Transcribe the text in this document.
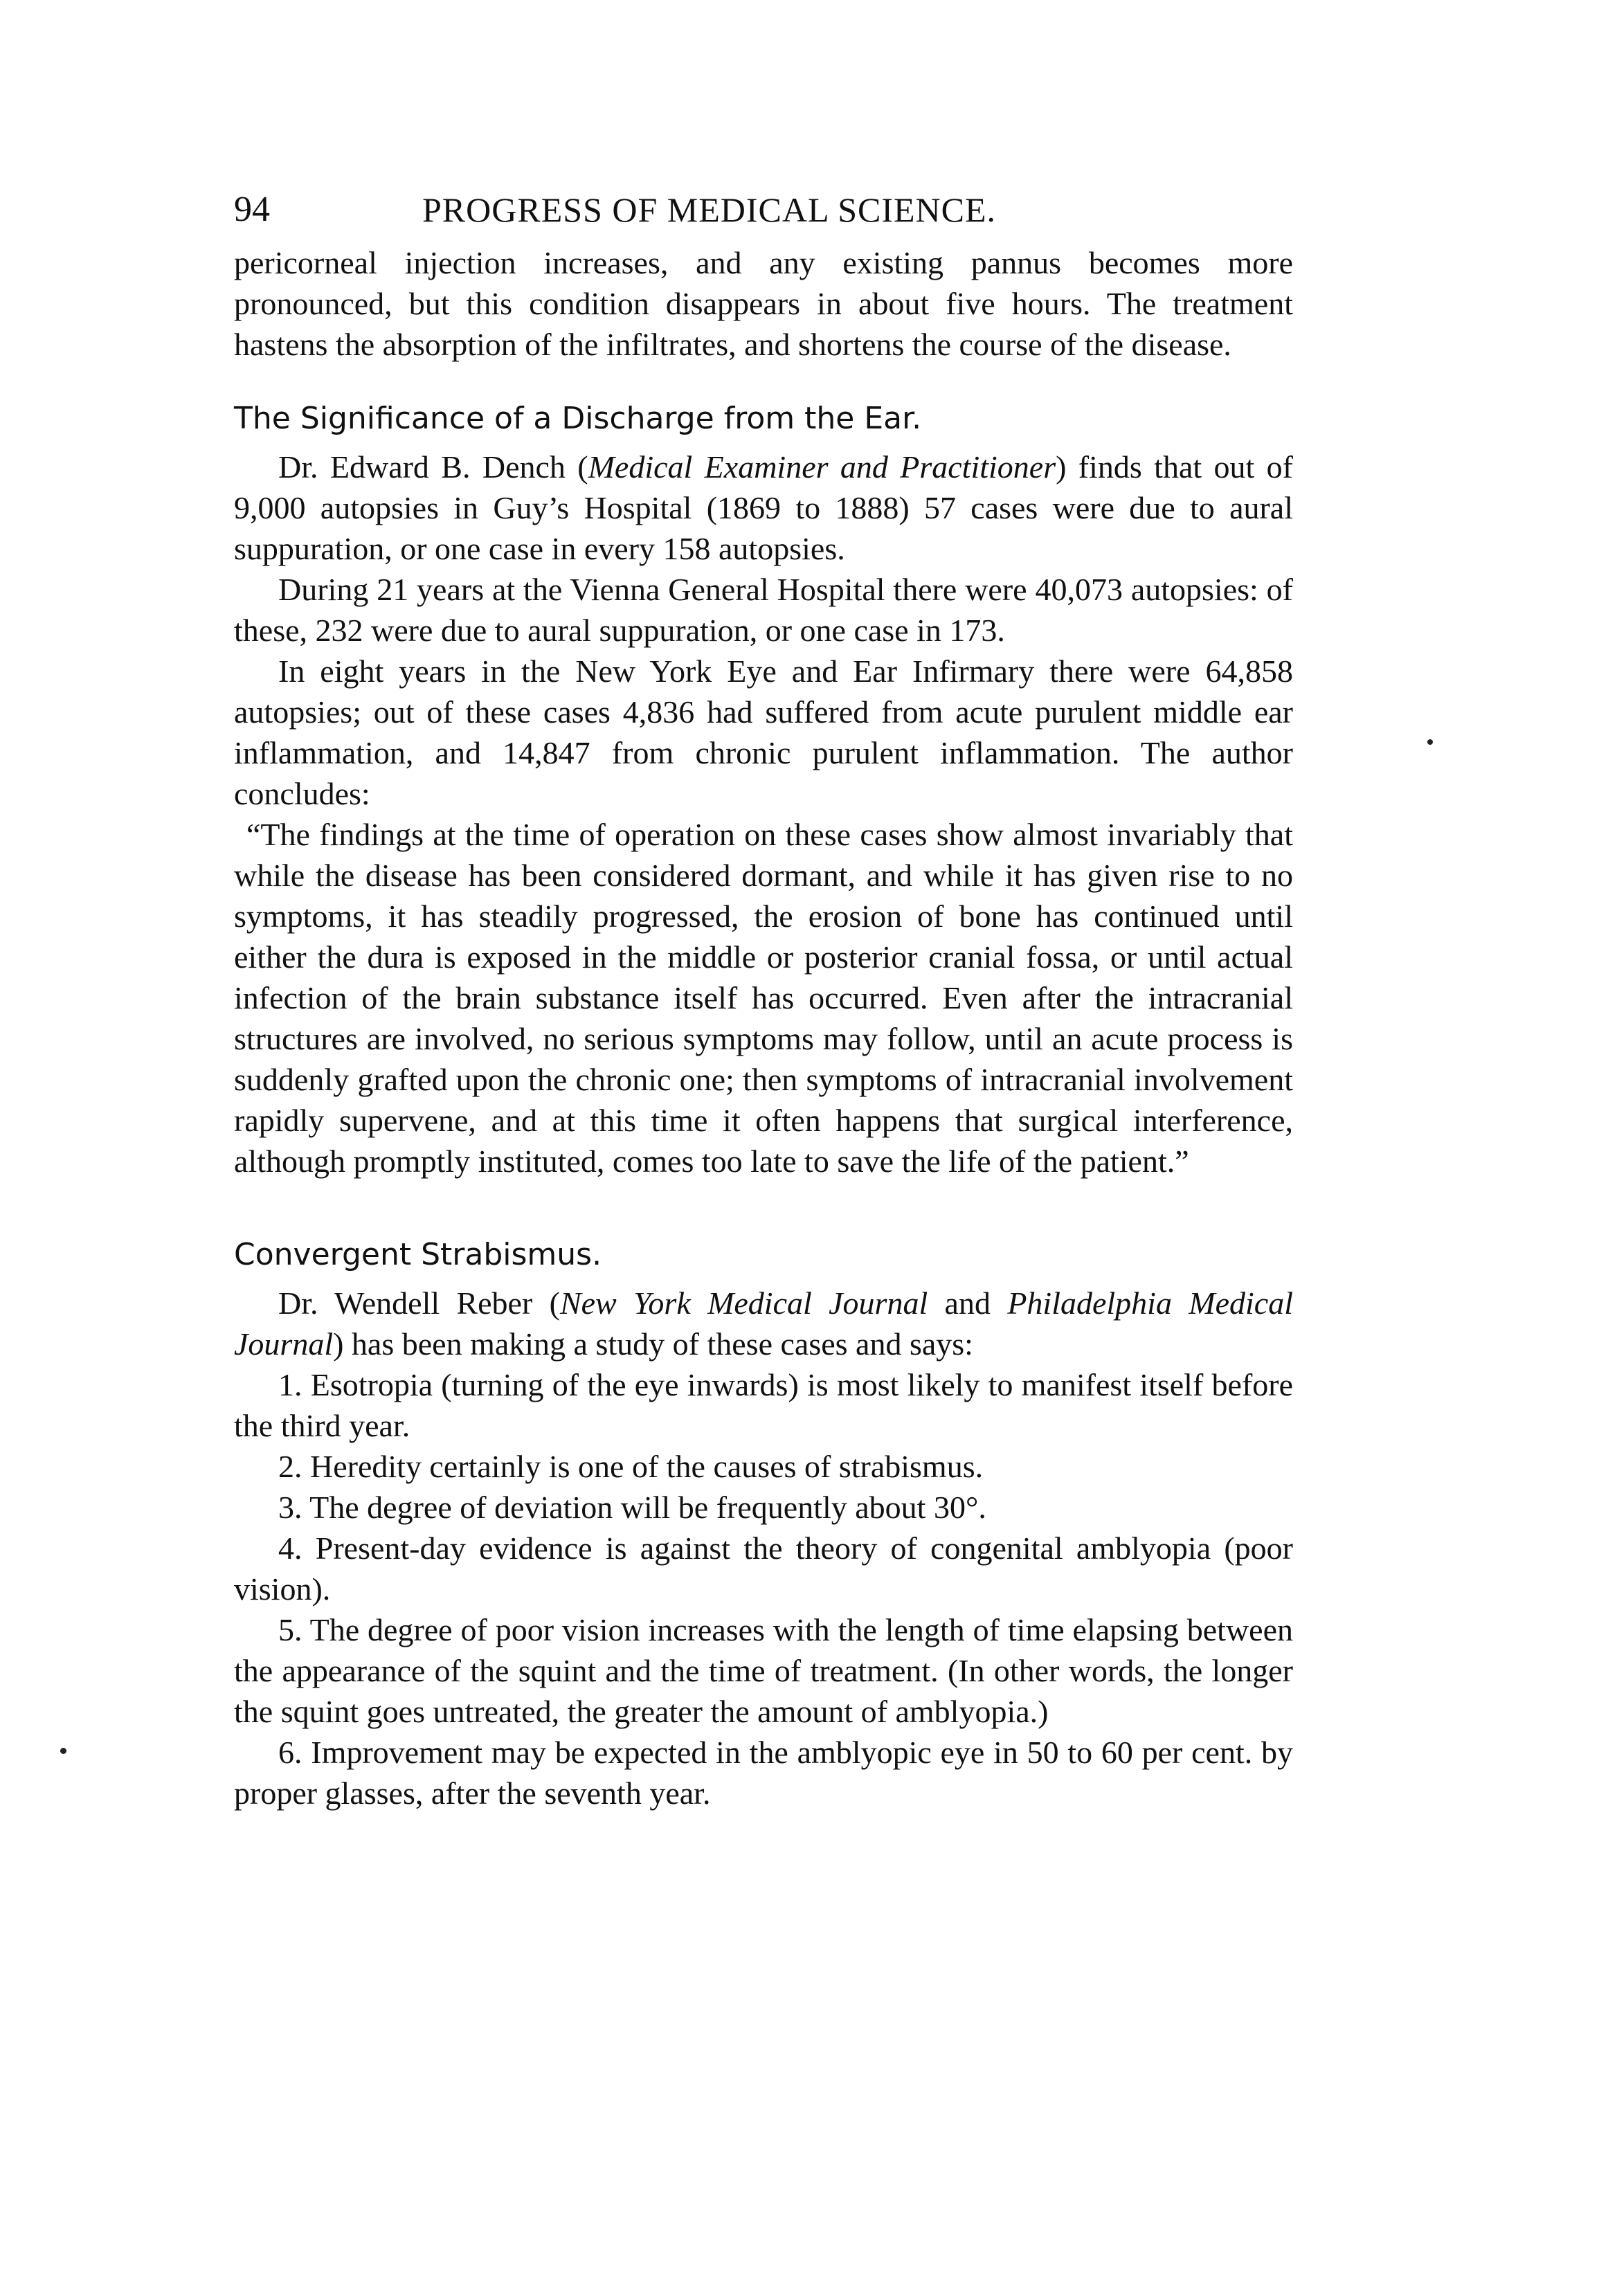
94	PROGRESS OF MEDICAL SCIENCE.

pericorneal injection increases, and any existing pannus becomes more pronounced, but this condition disappears in about five hours. The treatment hastens the absorption of the infiltrates, and shortens the course of the disease.

The Significance of a Discharge from the Ear.

Dr. Edward B. Dench (Medical Examiner and Practitioner) finds that out of 9,000 autopsies in Guy’s Hospital (1869 to 1888) 57 cases were due to aural suppuration, or one case in every 158 autopsies.

During 21 years at the Vienna General Hospital there were 40,073 autopsies: of these, 232 were due to aural suppuration, or one case in 173.

In eight years in the New York Eye and Ear Infirmary there were 64,858 autopsies; out of these cases 4,836 had suffered from acute purulent middle ear inflammation, and 14,847 from chronic purulent inflammation. The author concludes:

“The findings at the time of operation on these cases show almost invariably that while the disease has been considered dormant, and while it has given rise to no symptoms, it has steadily progressed, the erosion of bone has continued until either the dura is exposed in the middle or posterior cranial fossa, or until actual infection of the brain substance itself has occurred. Even after the intracranial structures are involved, no serious symptoms may follow, until an acute process is suddenly grafted upon the chronic one; then symptoms of intracranial involvement rapidly supervene, and at this time it often happens that surgical interference, although promptly instituted, comes too late to save the life of the patient.”

Convergent Strabismus.

Dr. Wendell Reber (New York Medical Journal and Philadelphia Medical Journal) has been making a study of these cases and says:

1. Esotropia (turning of the eye inwards) is most likely to manifest itself before the third year.

2. Heredity certainly is one of the causes of strabismus.

3. The degree of deviation will be frequently about 30°.

4. Present-day evidence is against the theory of congenital amblyopia (poor vision).

5. The degree of poor vision increases with the length of time elapsing between the appearance of the squint and the time of treatment. (In other words, the longer the squint goes untreated, the greater the amount of amblyopia.)

6. Improvement may be expected in the amblyopic eye in 50 to 60 per cent. by proper glasses, after the seventh year.
